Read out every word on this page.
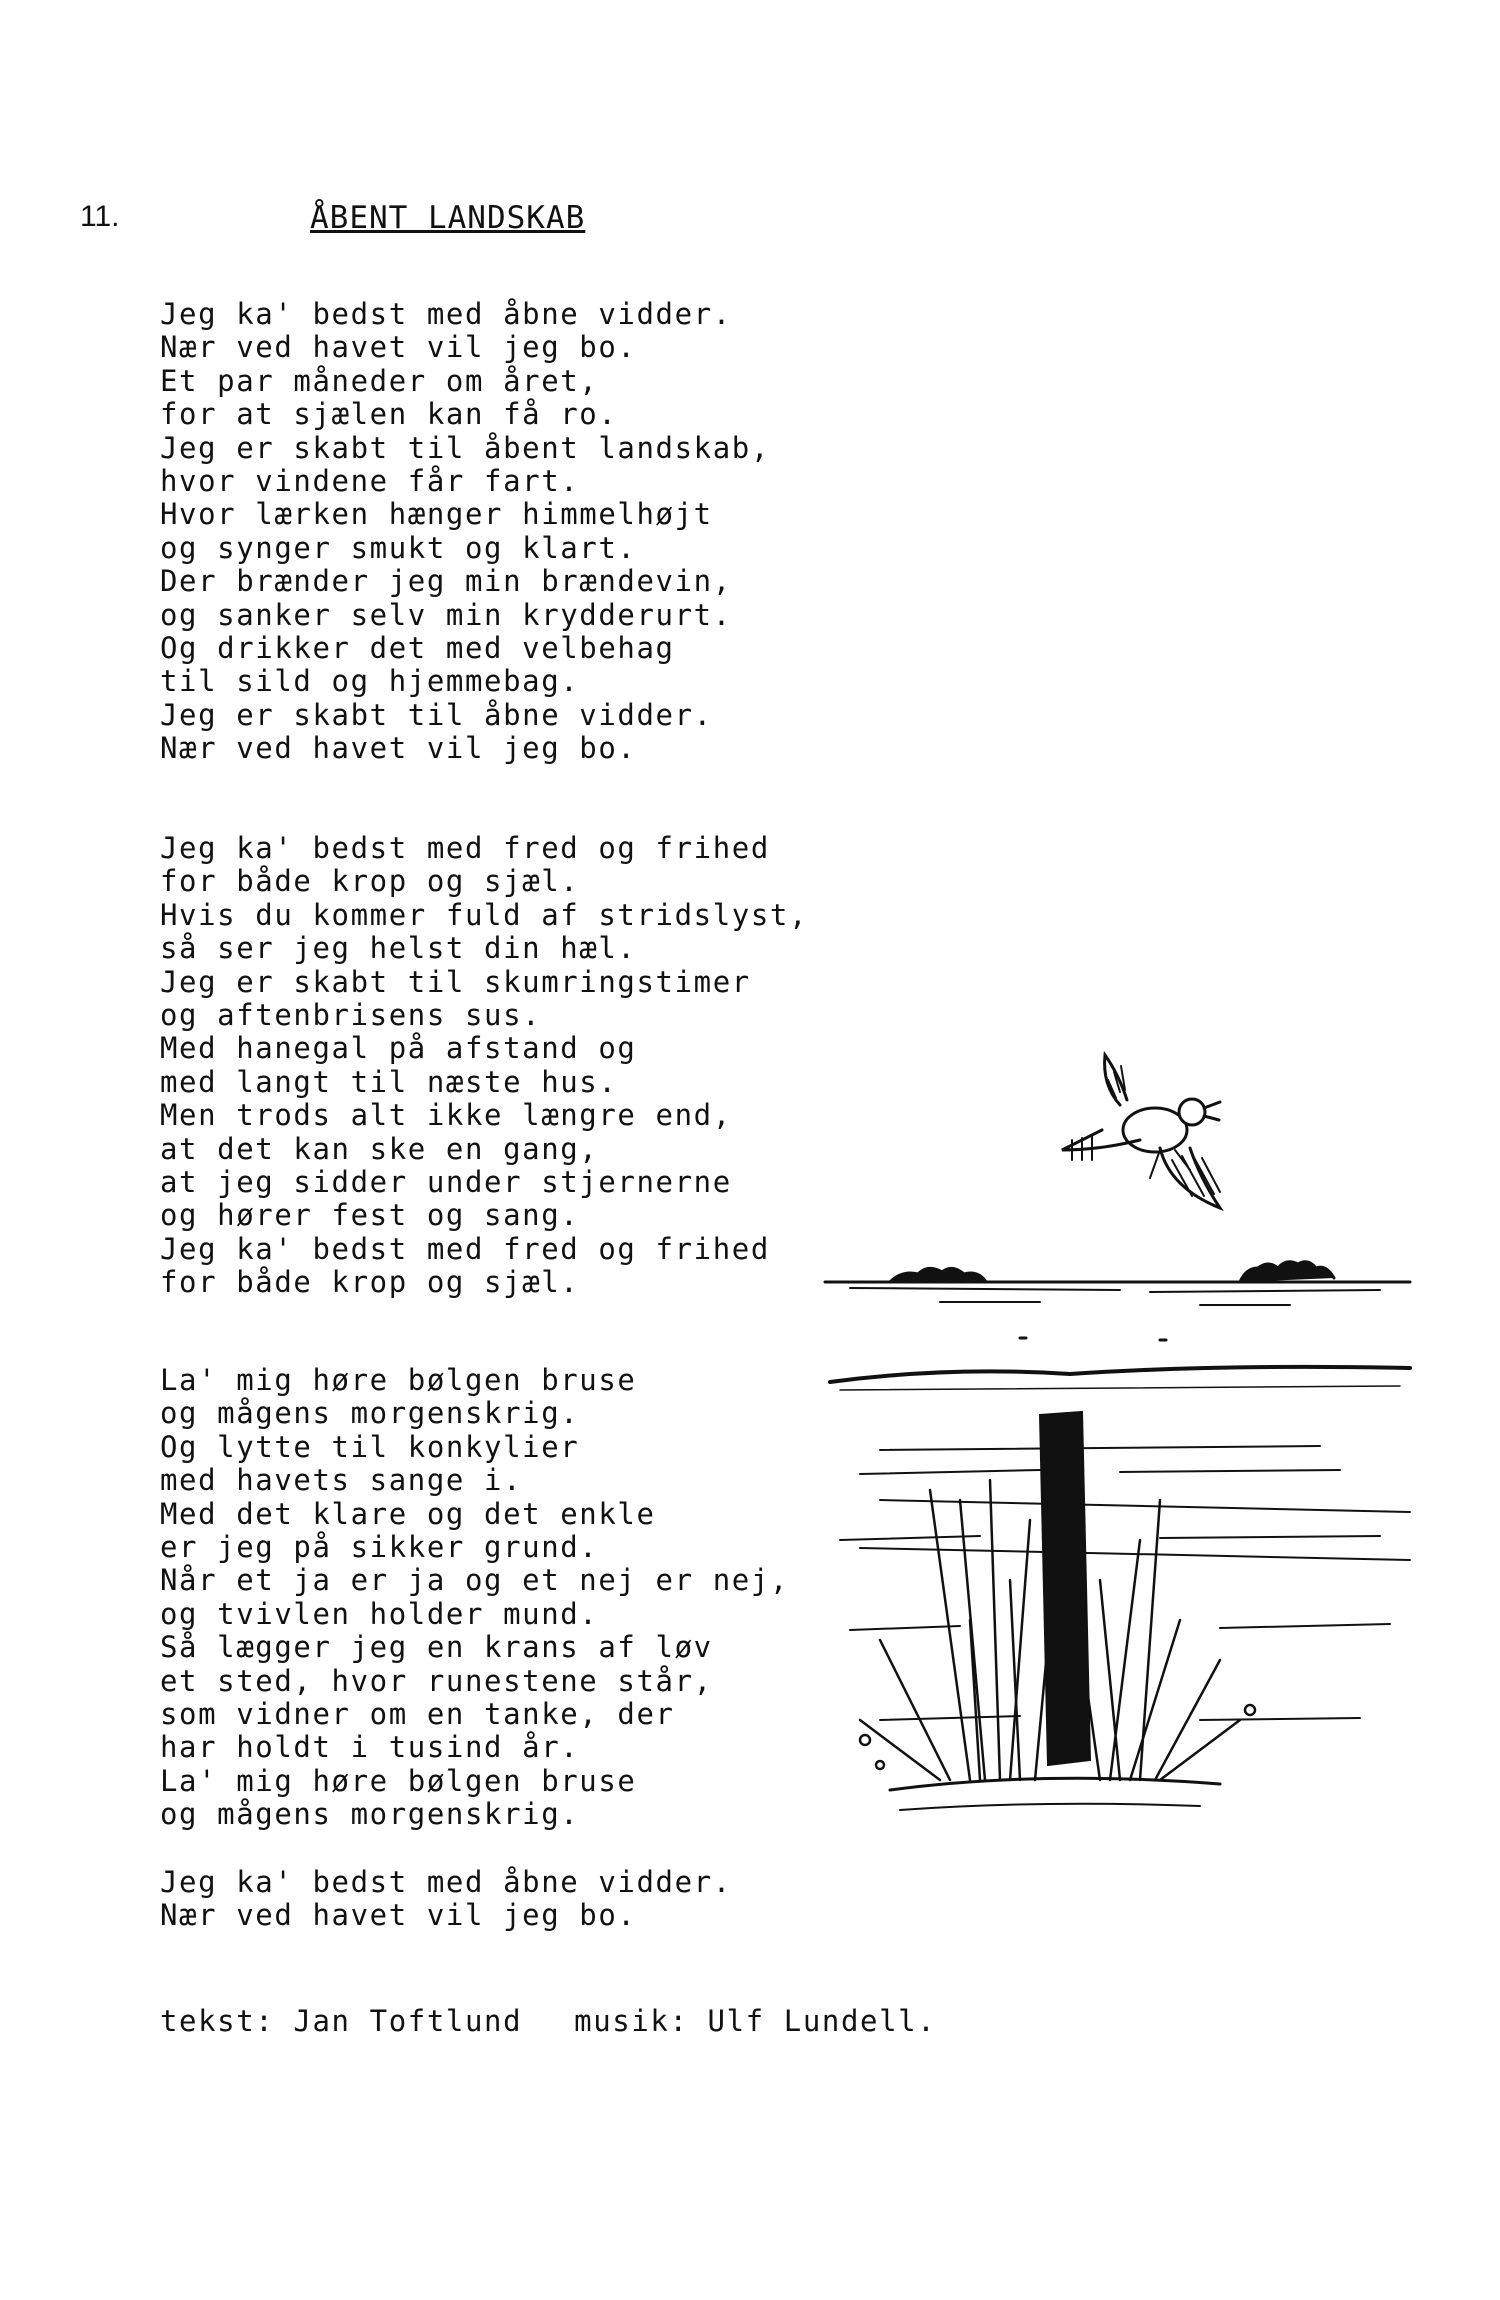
11.	ÅBENT LANDSKAB
Jeg ka' bedst med åbne vidder.
Nær ved havet vil jeg bo.
Et par måneder om året,
for at sjælen kan få ro.
Jeg er skabt til åbent landskab,
hvor vindene får fart.
Hvor lærken hænger himmelhøjt
og synger smukt og klart.
Der brænder jeg min brændevin,
og sanker selv min krydderurt.
Og drikker det med velbehag
til sild og hjemmebag.
Jeg er skabt til åbne vidder.
Nær ved havet vil jeg bo.
Jeg ka' bedst med fred og frihed
for både krop og sjæl.
Hvis du kommer fuld af stridslyst,
så ser jeg helst din hæl.
Jeg er skabt til skumringstimer
og aftenbrisens sus.
Med hanegal på afstand og
med langt til næste hus.
Men trods alt ikke længre end,
at det kan ske en gang,
at jeg sidder under stjernerne
og hører fest og sang.
Jeg ka' bedst med fred og frihed
for både krop og sjæl.
La' mig høre bølgen bruse
og mågens morgenskrig.
Og lytte til konkylier
med havets sange i.
Med det klare og det enkle
er jeg på sikker grund.
Når et ja er ja og et nej er nej,
og tvivlen holder mund.
Så lægger jeg en krans af løv
et sted, hvor runestene står,
som vidner om en tanke, der
har holdt i tusind år.
La' mig høre bølgen bruse
og mågens morgenskrig.
Jeg ka' bedst med åbne vidder.
Nær ved havet vil jeg bo.
tekst: Jan Toftlund musik: Ulf Lundell.
